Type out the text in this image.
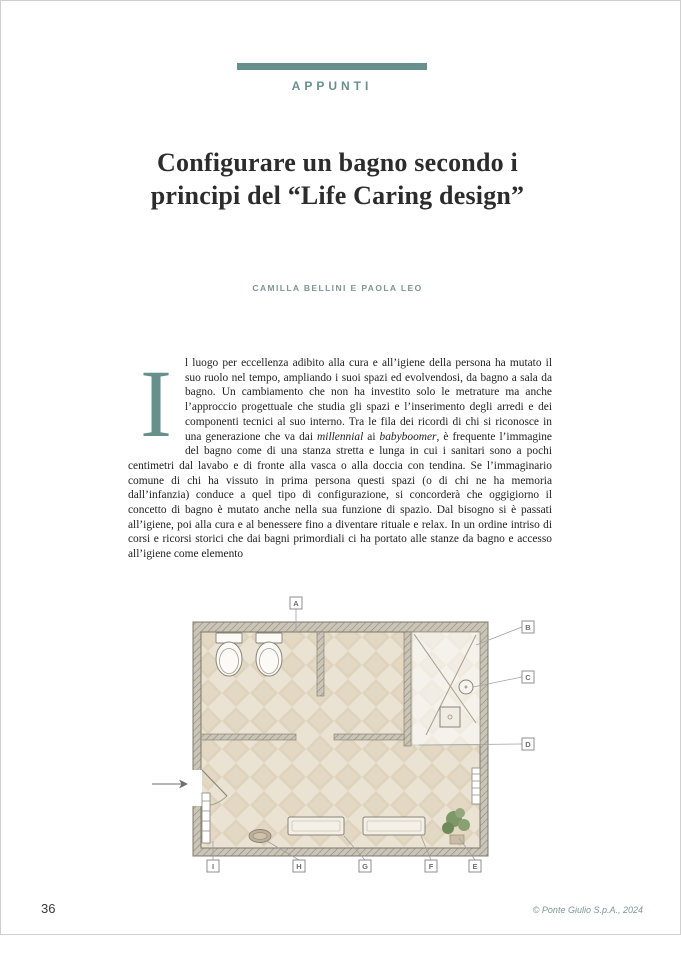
APPUNTI
Configurare un bagno secondo i
principi del “Life Caring design”
CAMILLA BELLINI E PAOLA LEO

I l luogo per eccellenza adibito alla cura e all’igiene della persona ha mutato il suo ruolo nel tempo, ampliando i suoi spazi ed evolvendosi, da bagno a sala da bagno. Un cambiamento che non ha investito solo le metrature ma anche l’approccio progettuale che studia gli spazi e l’inserimento degli arredi e dei componenti tecnici al suo interno. Tra le fila dei ricordi di chi si riconosce in una generazione che va dai millennial ai babyboomer, è frequente l’immagine del bagno come di una stanza stretta e lunga in cui i sanitari sono a pochi centimetri dal lavabo e di fronte alla vasca o alla doccia con tendina. Se l’immaginario comune di chi ha vissuto in prima persona questi spazi (o di chi ne ha memoria dall’infanzia) conduce a quel tipo di configurazione, si concorderà che oggigiorno il concetto di bagno è mutato anche nella sua funzione di spazio. Dal bisogno si è passati all’igiene, poi alla cura e al benessere fino a diventare rituale e relax. In un ordine intriso di corsi e ricorsi storici che dai bagni primordiali ci ha portato alle stanze da bagno e accesso all’igiene come elemento

A
B
C
D
E
F
G
H
I
36	© Ponte Giulio S.p.A., 2024
